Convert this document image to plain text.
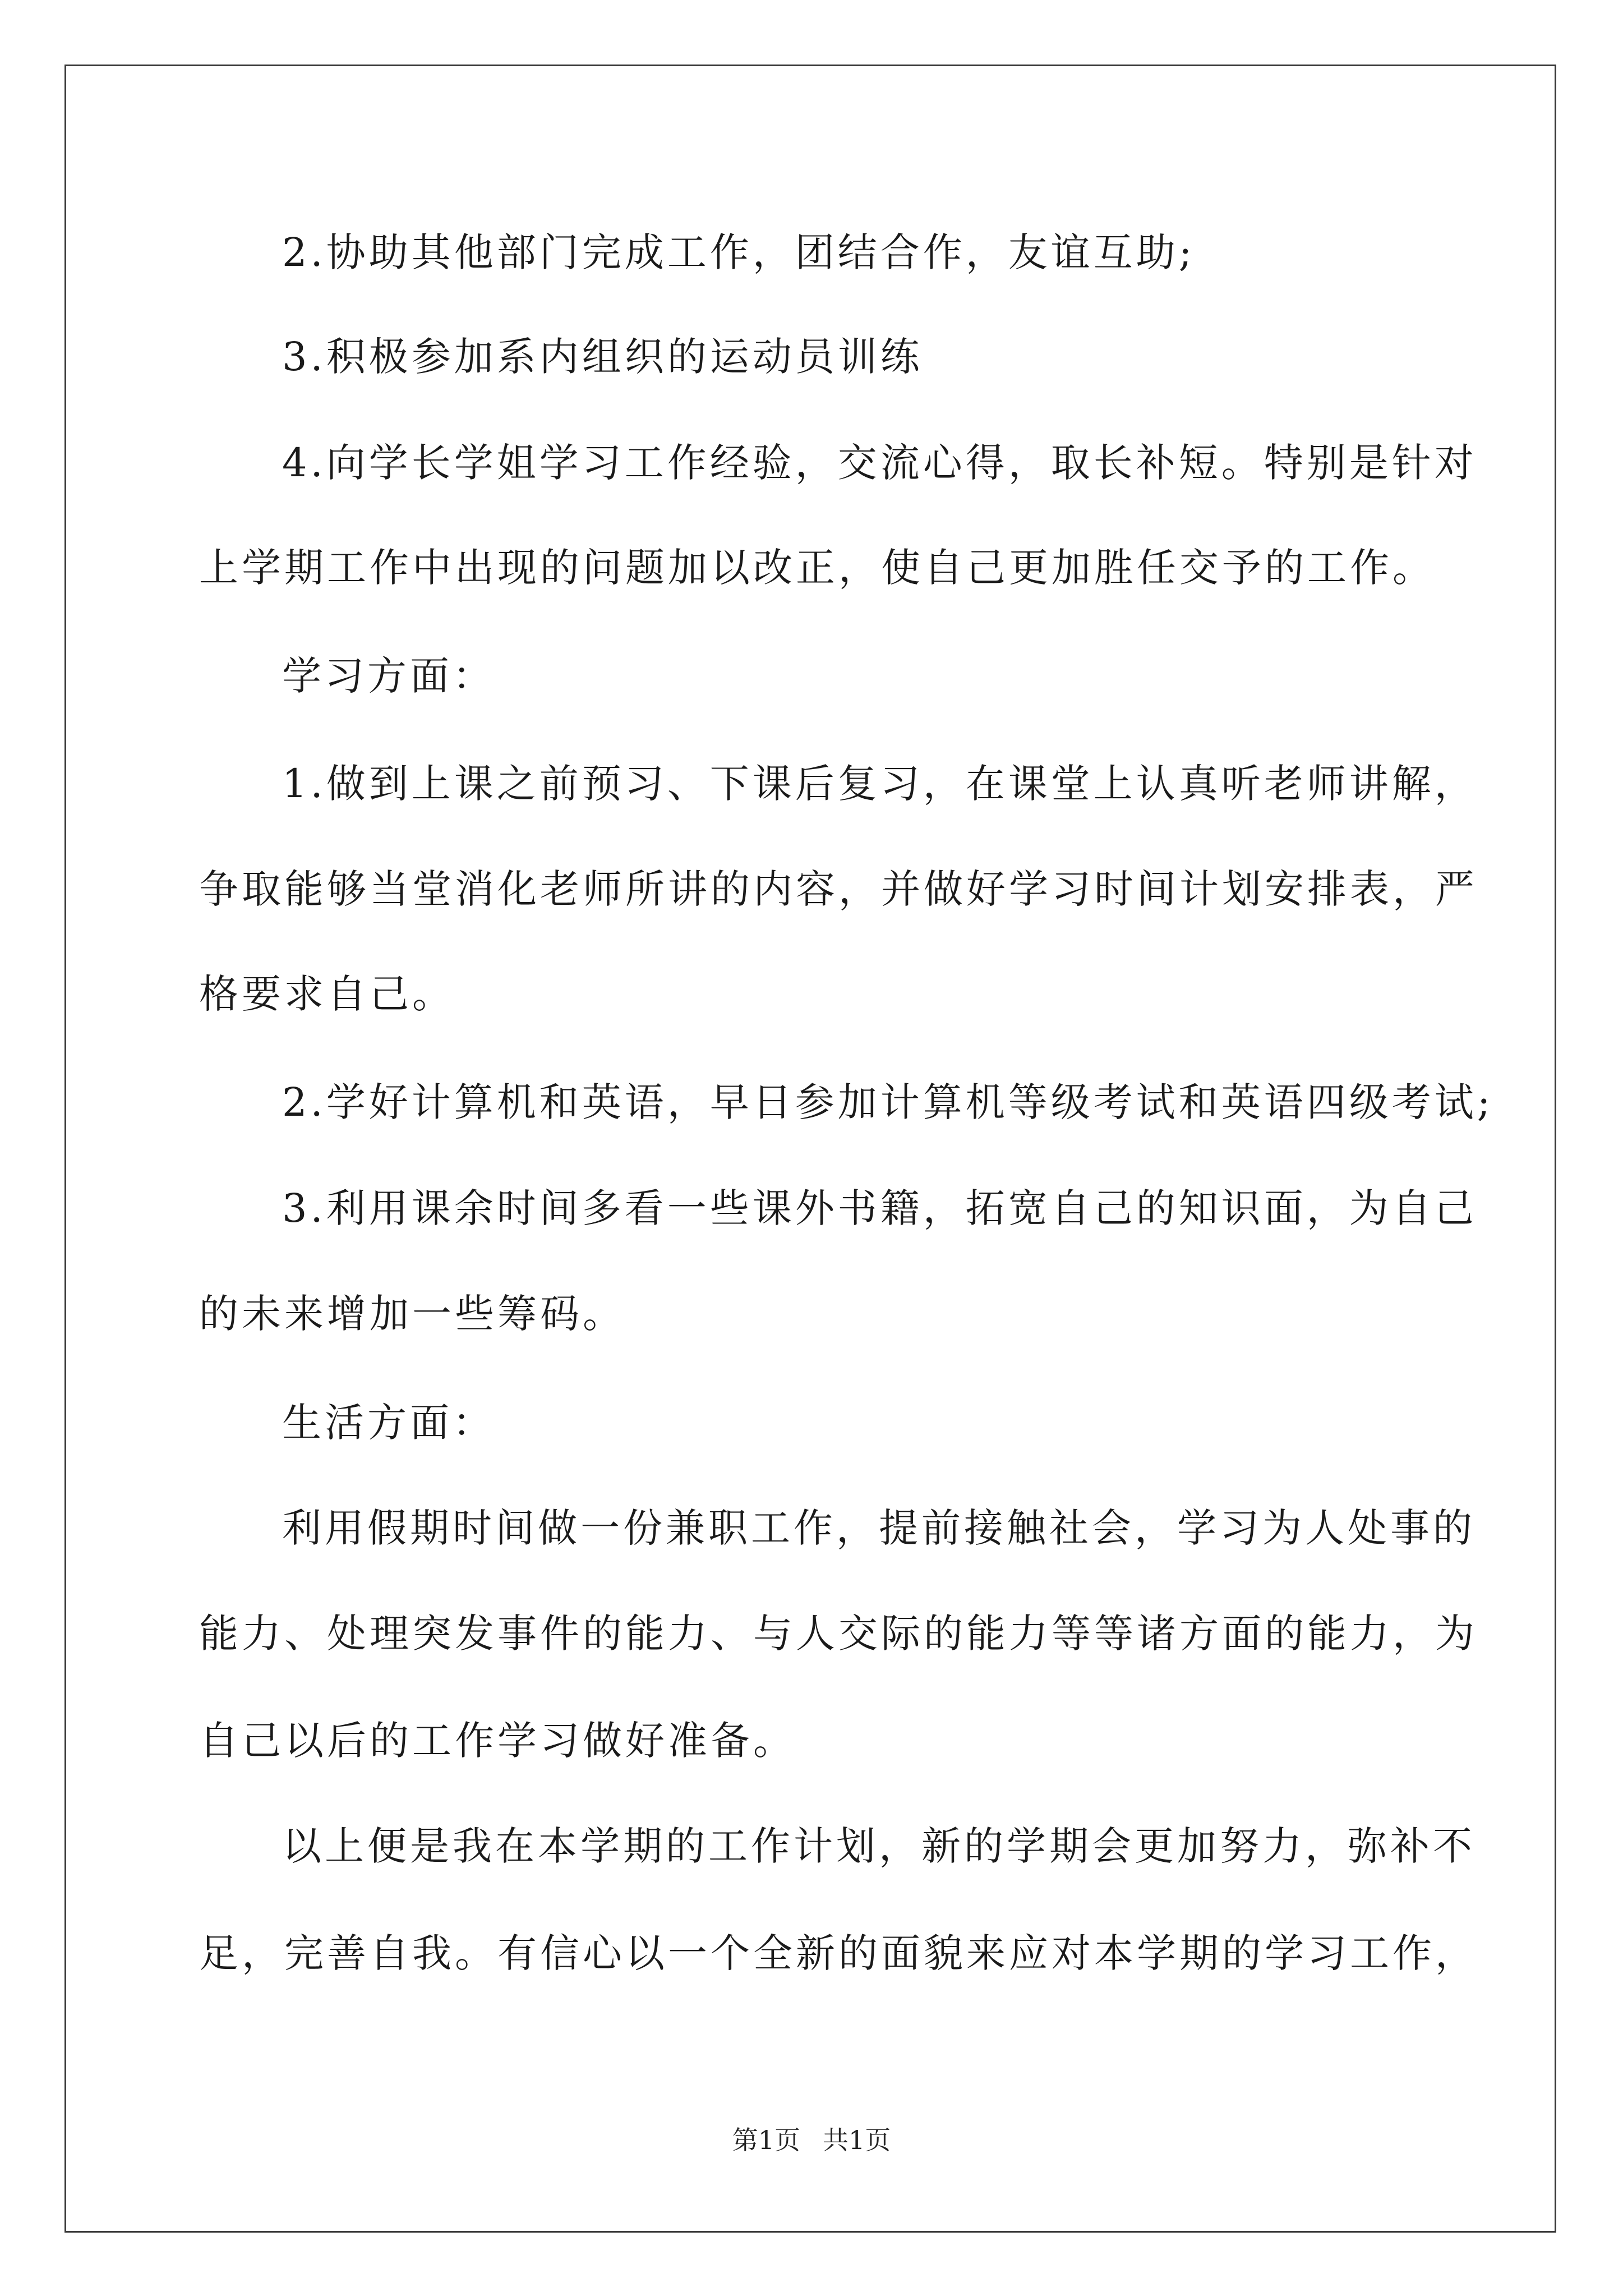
2.协助其他部门完成工作，团结合作，友谊互助;
3.积极参加系内组织的运动员训练
4.向学长学姐学习工作经验，交流心得，取长补短。特别是针对
上学期工作中出现的问题加以改正，使自己更加胜任交予的工作。
学习方面：
1.做到上课之前预习、下课后复习，在课堂上认真听老师讲解，
争取能够当堂消化老师所讲的内容，并做好学习时间计划安排表，严
格要求自己。
2.学好计算机和英语，早日参加计算机等级考试和英语四级考试;
3.利用课余时间多看一些课外书籍，拓宽自己的知识面，为自己
的未来增加一些筹码。
生活方面：
利用假期时间做一份兼职工作，提前接触社会，学习为人处事的
能力、处理突发事件的能力、与人交际的能力等等诸方面的能力，为
自己以后的工作学习做好准备。
以上便是我在本学期的工作计划，新的学期会更加努力，弥补不
足，完善自我。有信心以一个全新的面貌来应对本学期的学习工作，
第1页 共1页
